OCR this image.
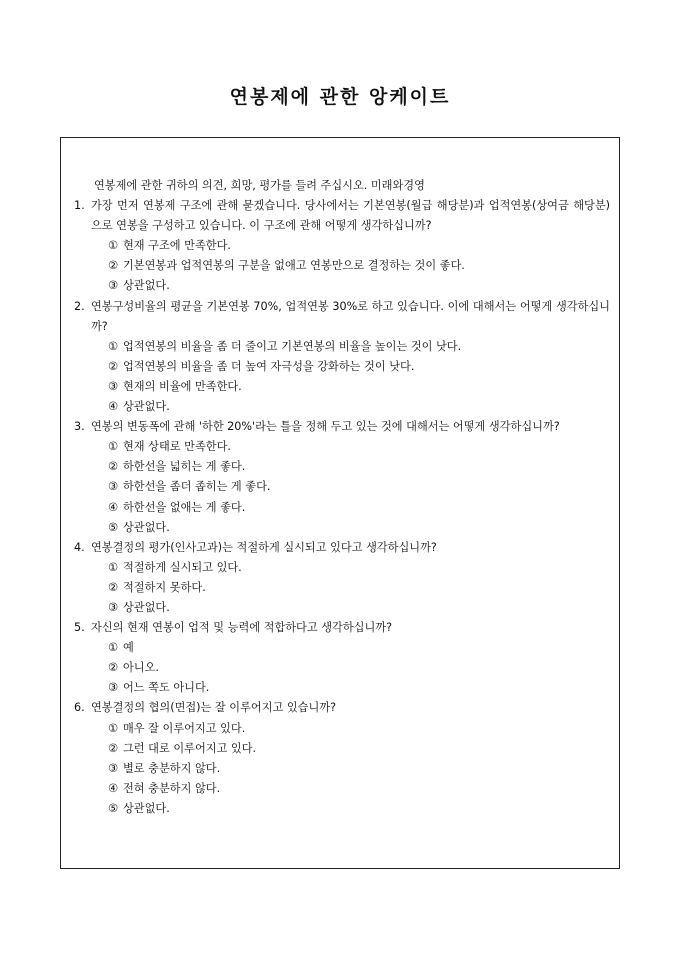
연봉제에 관한 앙케이트
연봉제에 관한 귀하의 의견, 희망, 평가를 들려 주십시오. 미래와경영
1. 가장 먼저 연봉제 구조에 관해 묻겠습니다. 당사에서는 기본연봉(월급 해당분)과 업적연봉(상여금 해당분)으로 연봉을 구성하고 있습니다. 이 구조에 관해 어떻게 생각하십니까?
① 현재 구조에 만족한다.
② 기본연봉과 업적연봉의 구분을 없애고 연봉만으로 결정하는 것이 좋다.
③ 상관없다.
2. 연봉구성비율의 평균을 기본연봉 70%, 업적연봉 30%로 하고 있습니다. 이에 대해서는 어떻게 생각하십니까?
① 업적연봉의 비율을 좀 더 줄이고 기본연봉의 비율을 높이는 것이 낫다.
② 업적연봉의 비율을 좀 더 높여 자극성을 강화하는 것이 낫다.
③ 현재의 비율에 만족한다.
④ 상관없다.
3. 연봉의 변동폭에 관해 '하한 20%'라는 틀을 정해 두고 있는 것에 대해서는 어떻게 생각하십니까?
① 현재 상태로 만족한다.
② 하한선을 넓히는 게 좋다.
③ 하한선을 좀더 좁히는 게 좋다.
④ 하한선을 없애는 게 좋다.
⑤ 상관없다.
4. 연봉결정의 평가(인사고과)는 적절하게 실시되고 있다고 생각하십니까?
① 적절하게 실시되고 있다.
② 적절하지 못하다.
③ 상관없다.
5. 자신의 현재 연봉이 업적 및 능력에 적합하다고 생각하십니까?
① 예
② 아니오.
③ 어느 쪽도 아니다.
6. 연봉결정의 협의(면접)는 잘 이루어지고 있습니까?
① 매우 잘 이루어지고 있다.
② 그런 대로 이루어지고 있다.
③ 별로 충분하지 않다.
④ 전혀 충분하지 않다.
⑤ 상관없다.
